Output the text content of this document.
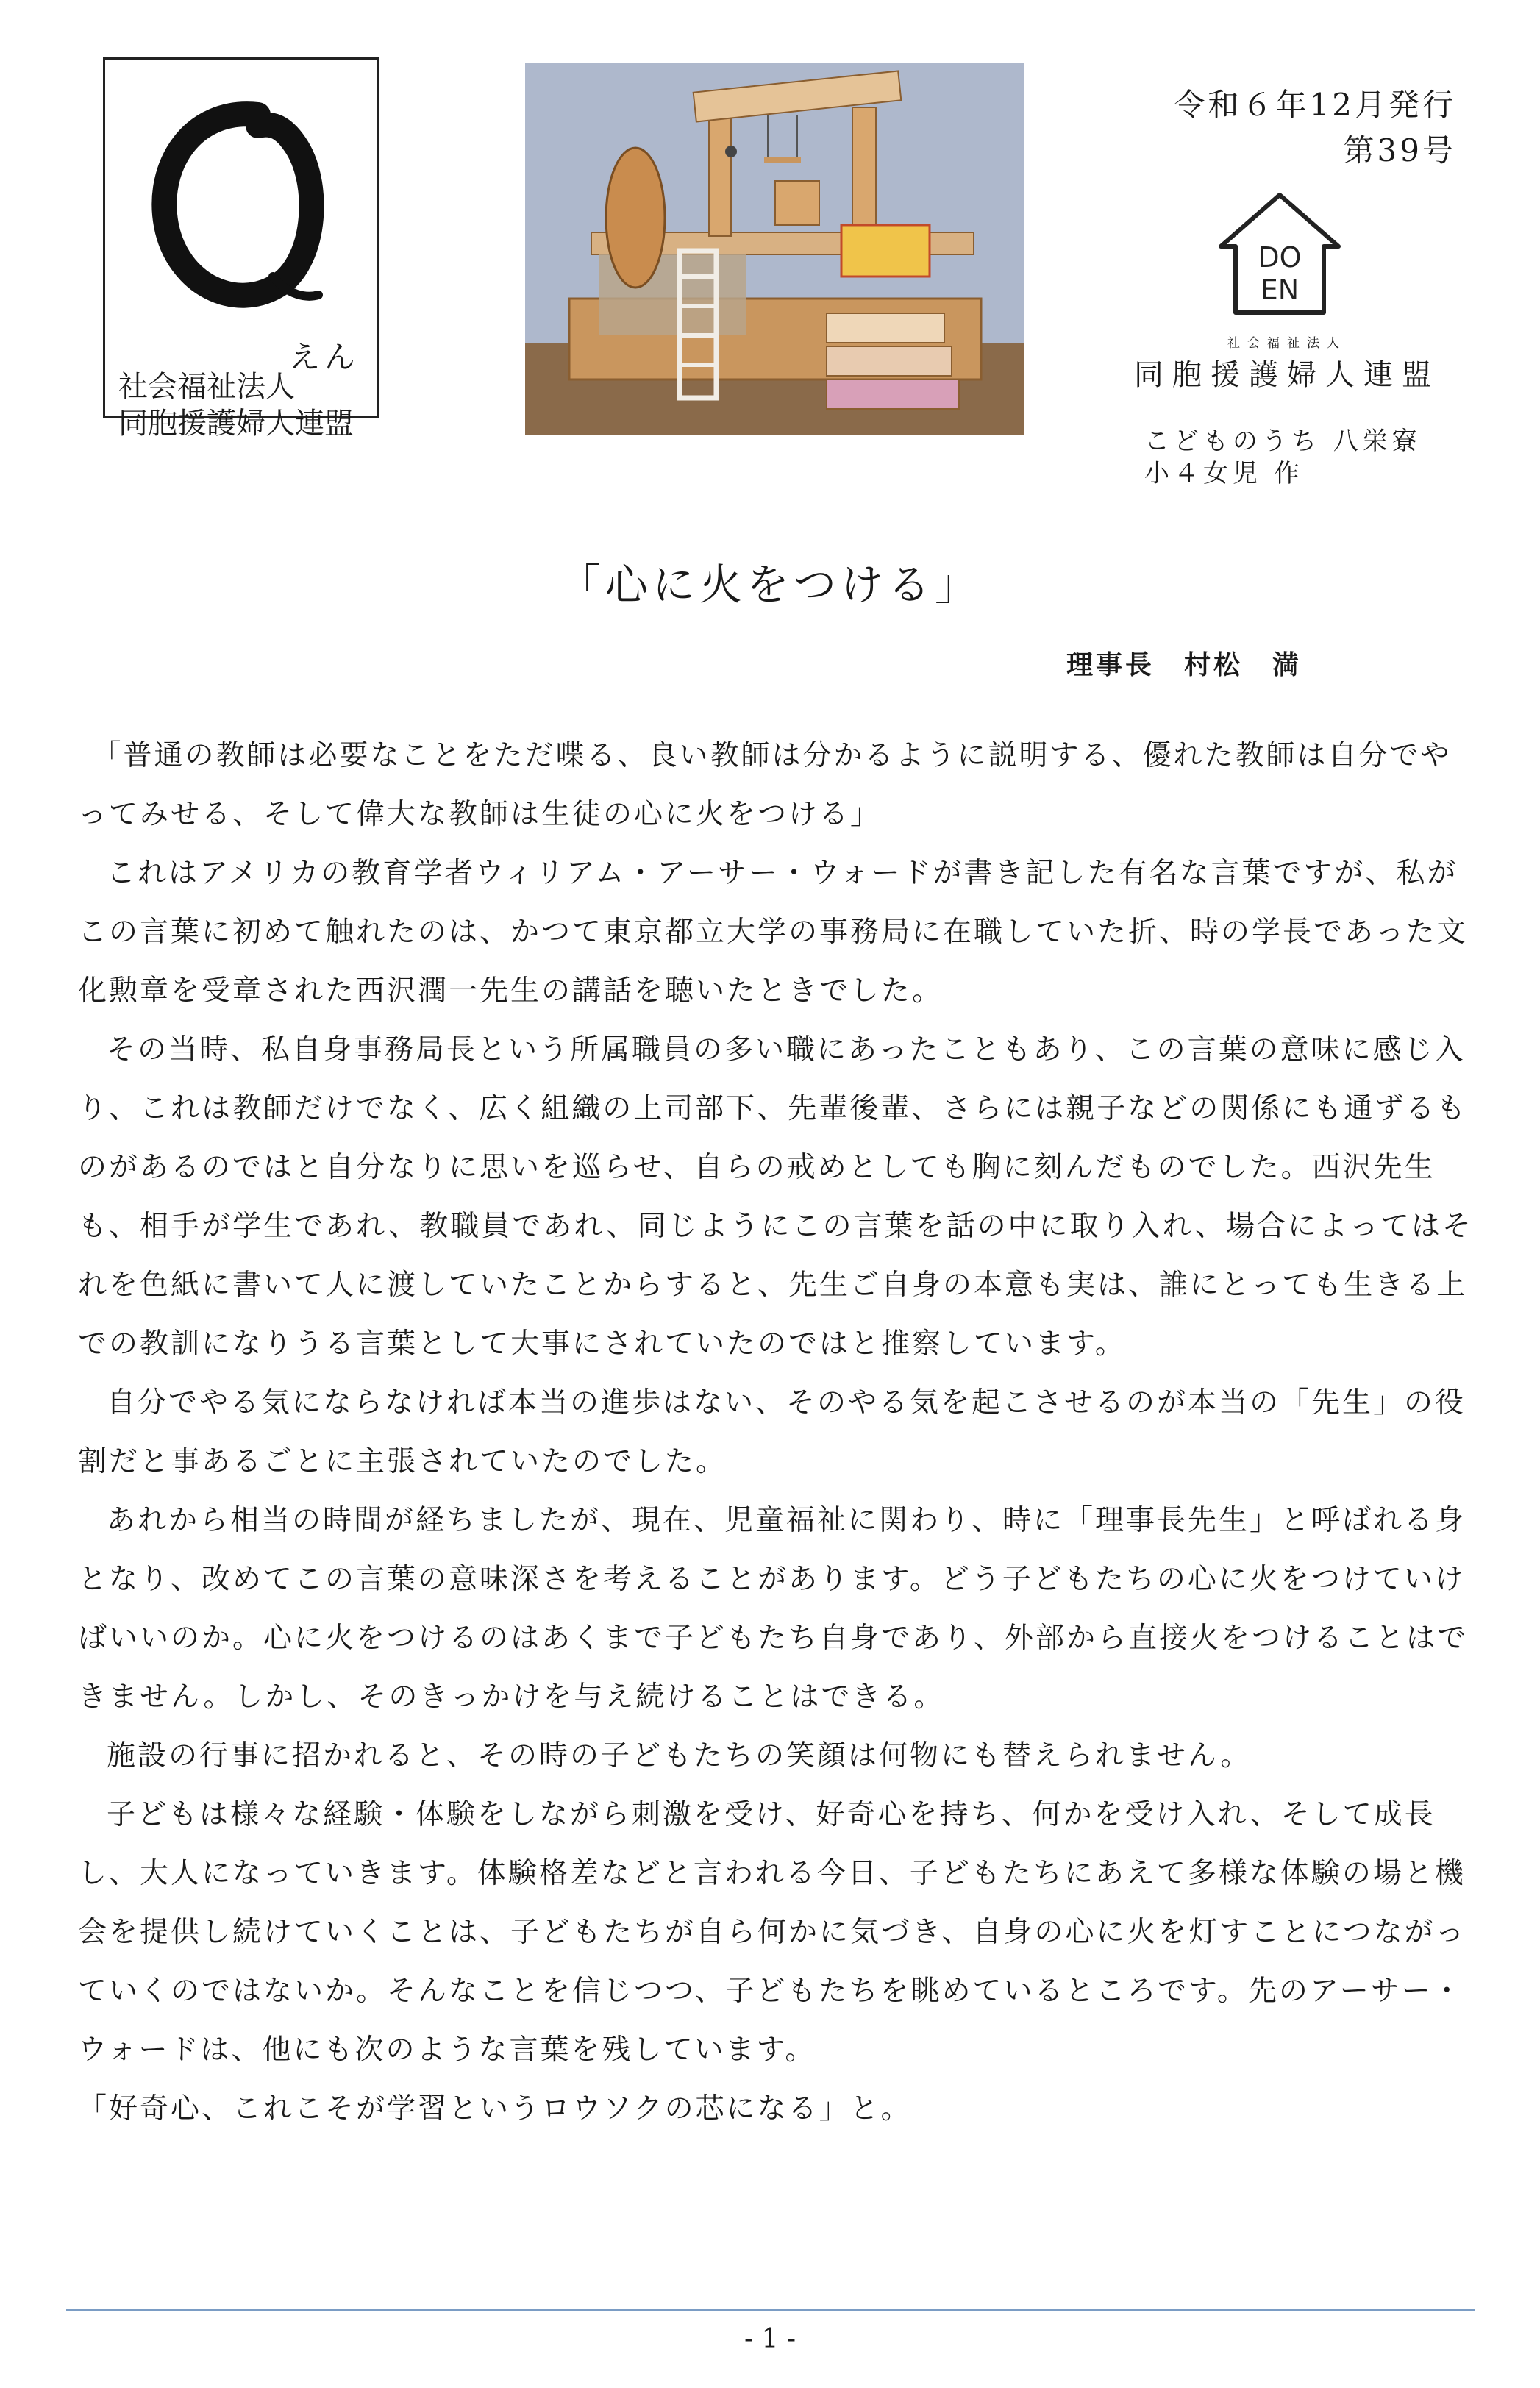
えん
社会福祉法人
同胞援護婦人連盟
令和６年12月発行
第39号
DO
EN
社会福祉法人
同胞援護婦人連盟
こどものうち 八栄寮
小４女児 作
「心に火をつける」
理事長　村松　満

「普通の教師は必要なことをただ喋る、良い教師は分かるように説明する、優れた教師は自分でやってみせる、そして偉大な教師は生徒の心に火をつける」

これはアメリカの教育学者ウィリアム・アーサー・ウォードが書き記した有名な言葉ですが、私がこの言葉に初めて触れたのは、かつて東京都立大学の事務局に在職していた折、時の学長であった文化勲章を受章された西沢潤一先生の講話を聴いたときでした。

その当時、私自身事務局長という所属職員の多い職にあったこともあり、この言葉の意味に感じ入り、これは教師だけでなく、広く組織の上司部下、先輩後輩、さらには親子などの関係にも通ずるものがあるのではと自分なりに思いを巡らせ、自らの戒めとしても胸に刻んだものでした。西沢先生も、相手が学生であれ、教職員であれ、同じようにこの言葉を話の中に取り入れ、場合によってはそれを色紙に書いて人に渡していたことからすると、先生ご自身の本意も実は、誰にとっても生きる上での教訓になりうる言葉として大事にされていたのではと推察しています。

自分でやる気にならなければ本当の進歩はない、そのやる気を起こさせるのが本当の「先生」の役割だと事あるごとに主張されていたのでした。

あれから相当の時間が経ちましたが、現在、児童福祉に関わり、時に「理事長先生」と呼ばれる身となり、改めてこの言葉の意味深さを考えることがあります。どう子どもたちの心に火をつけていけばいいのか。心に火をつけるのはあくまで子どもたち自身であり、外部から直接火をつけることはできません。しかし、そのきっかけを与え続けることはできる。

施設の行事に招かれると、その時の子どもたちの笑顔は何物にも替えられません。

子どもは様々な経験・体験をしながら刺激を受け、好奇心を持ち、何かを受け入れ、そして成長し、大人になっていきます。体験格差などと言われる今日、子どもたちにあえて多様な体験の場と機会を提供し続けていくことは、子どもたちが自ら何かに気づき、自身の心に火を灯すことにつながっていくのではないか。そんなことを信じつつ、子どもたちを眺めているところです。先のアーサー・ウォードは、他にも次のような言葉を残しています。

「好奇心、これこそが学習というロウソクの芯になる」と。

- 1 -
